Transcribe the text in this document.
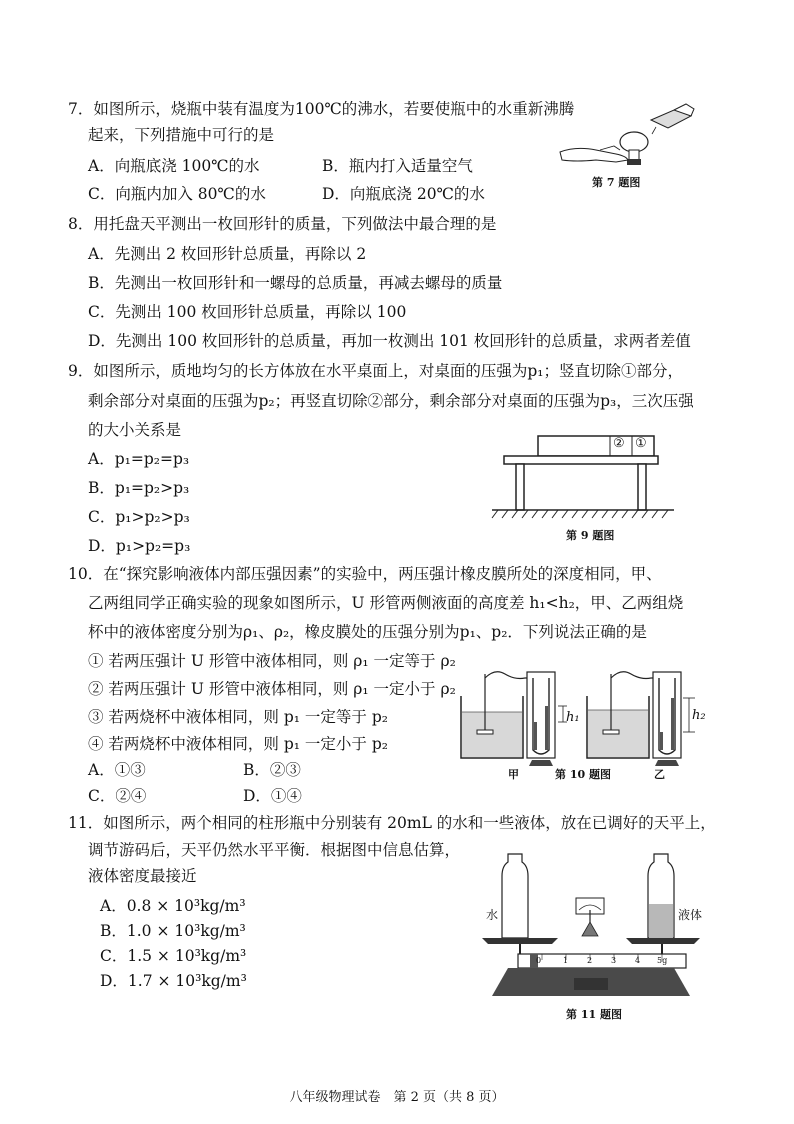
7．如图所示，烧瓶中装有温度为100℃的沸水，若要使瓶中的水重新沸腾
起来，下列措施中可行的是
A．向瓶底浇 100℃的水	B．瓶内打入适量空气
C．向瓶内加入 80℃的水	D．向瓶底浇 20℃的水
第 7 题图
8．用托盘天平测出一枚回形针的质量，下列做法中最合理的是
A．先测出 2 枚回形针总质量，再除以 2
B．先测出一枚回形针和一螺母的总质量，再减去螺母的质量
C．先测出 100 枚回形针总质量，再除以 100
D．先测出 100 枚回形针的总质量，再加一枚测出 101 枚回形针的总质量，求两者差值
9．如图所示，质地均匀的长方体放在水平桌面上，对桌面的压强为p₁；竖直切除①部分，
剩余部分对桌面的压强为p₂；再竖直切除②部分，剩余部分对桌面的压强为p₃，三次压强
的大小关系是
A．p₁=p₂=p₃
B．p₁=p₂>p₃
C．p₁>p₂>p₃
D．p₁>p₂=p₃
② ①
第 9 题图
10．在“探究影响液体内部压强因素”的实验中，两压强计橡皮膜所处的深度相同，甲、
乙两组同学正确实验的现象如图所示，U 形管两侧液面的高度差 h₁<h₂，甲、乙两组烧
杯中的液体密度分别为ρ₁、ρ₂，橡皮膜处的压强分别为p₁、p₂．下列说法正确的是
① 若两压强计 U 形管中液体相同，则 ρ₁ 一定等于 ρ₂
② 若两压强计 U 形管中液体相同，则 ρ₁ 一定小于 ρ₂
③ 若两烧杯中液体相同，则 p₁ 一定等于 p₂
④ 若两烧杯中液体相同，则 p₁ 一定小于 p₂
A．①③	B．②③
C．②④	D．①④
h₁	h₂
甲	第 10 题图	乙
11．如图所示，两个相同的柱形瓶中分别装有 20mL 的水和一些液体，放在已调好的天平上，
调节游码后，天平仍然水平平衡．根据图中信息估算，
液体密度最接近
A．0.8 × 10³kg/m³
B．1.0 × 10³kg/m³
C．1.5 × 10³kg/m³
D．1.7 × 10³kg/m³
水	液体
0	1 2 3 4 5g
第 11 题图
八年级物理试卷　第 2 页（共 8 页）
